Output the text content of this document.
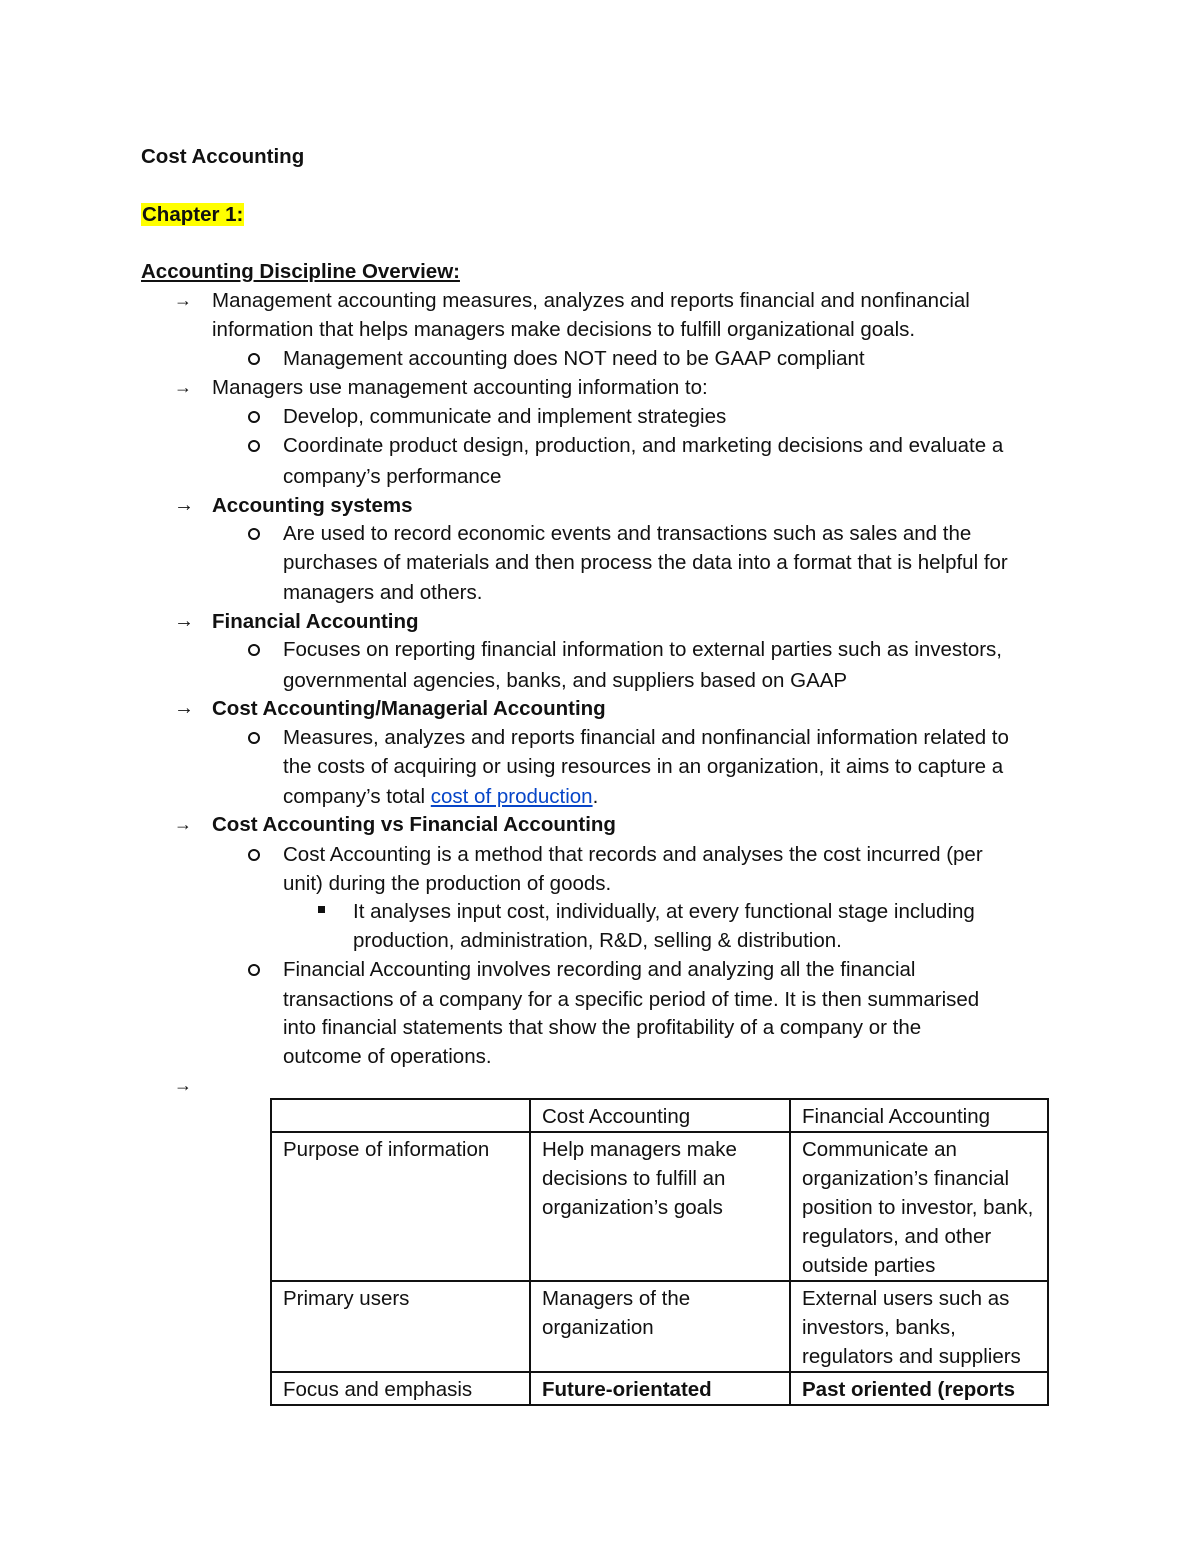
Cost Accounting
Chapter 1:
Accounting Discipline Overview:
→ Management accounting measures, analyzes and reports financial and nonfinancial
information that helps managers make decisions to fulfill organizational goals.
Management accounting does NOT need to be GAAP compliant
→ Managers use management accounting information to:
Develop, communicate and implement strategies
Coordinate product design, production, and marketing decisions and evaluate a
company’s performance
→ Accounting systems
Are used to record economic events and transactions such as sales and the
purchases of materials and then process the data into a format that is helpful for
managers and others.
→ Financial Accounting
Focuses on reporting financial information to external parties such as investors,
governmental agencies, banks, and suppliers based on GAAP
→ Cost Accounting/Managerial Accounting
Measures, analyzes and reports financial and nonfinancial information related to
the costs of acquiring or using resources in an organization, it aims to capture a
company’s total cost of production.
→ Cost Accounting vs Financial Accounting
Cost Accounting is a method that records and analyses the cost incurred (per
unit) during the production of goods.
It analyses input cost, individually, at every functional stage including
production, administration, R&D, selling & distribution.
Financial Accounting involves recording and analyzing all the financial
transactions of a company for a specific period of time. It is then summarised
into financial statements that show the profitability of a company or the
outcome of operations.
→
	Cost Accounting	Financial Accounting
Purpose of information	Help managers make decisions to fulfill an organization’s goals	Communicate an organization’s financial position to investor, bank, regulators, and other outside parties
Primary users	Managers of the organization	External users such as investors, banks, regulators and suppliers
Focus and emphasis	Future-orientated	Past oriented (reports
